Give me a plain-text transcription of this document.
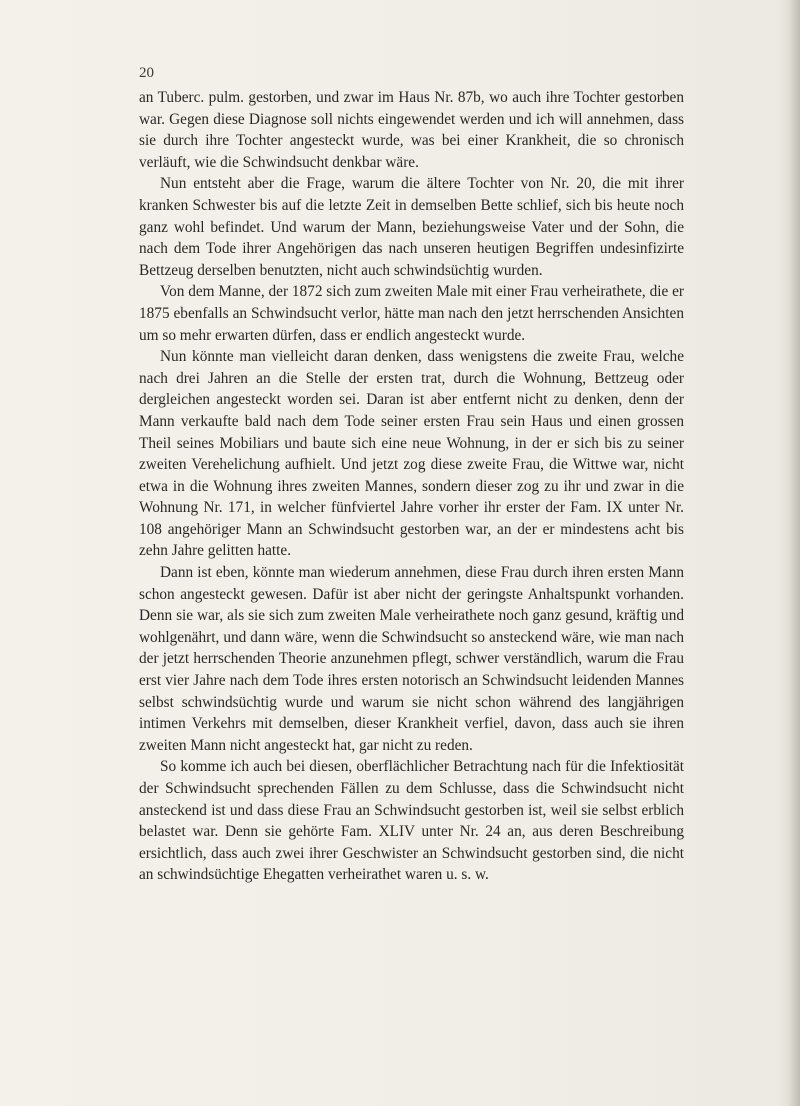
20

an Tuberc. pulm. gestorben, und zwar im Haus Nr. 87b, wo auch ihre Tochter gestorben war. Gegen diese Diagnose soll nichts eingewendet werden und ich will annehmen, dass sie durch ihre Tochter angesteckt wurde, was bei einer Krankheit, die so chronisch verläuft, wie die Schwindsucht denkbar wäre.

Nun entsteht aber die Frage, warum die ältere Tochter von Nr. 20, die mit ihrer kranken Schwester bis auf die letzte Zeit in demselben Bette schlief, sich bis heute noch ganz wohl befindet. Und warum der Mann, beziehungsweise Vater und der Sohn, die nach dem Tode ihrer Angehörigen das nach unseren heutigen Begriffen undesinfizirte Bettzeug derselben benutzten, nicht auch schwindsüchtig wurden.

Von dem Manne, der 1872 sich zum zweiten Male mit einer Frau verheirathete, die er 1875 ebenfalls an Schwindsucht verlor, hätte man nach den jetzt herrschenden Ansichten um so mehr erwarten dürfen, dass er endlich angesteckt wurde.

Nun könnte man vielleicht daran denken, dass wenigstens die zweite Frau, welche nach drei Jahren an die Stelle der ersten trat, durch die Wohnung, Bettzeug oder dergleichen angesteckt worden sei. Daran ist aber entfernt nicht zu denken, denn der Mann verkaufte bald nach dem Tode seiner ersten Frau sein Haus und einen grossen Theil seines Mobiliars und baute sich eine neue Wohnung, in der er sich bis zu seiner zweiten Verehelichung aufhielt. Und jetzt zog diese zweite Frau, die Wittwe war, nicht etwa in die Wohnung ihres zweiten Mannes, sondern dieser zog zu ihr und zwar in die Wohnung Nr. 171, in welcher fünfviertel Jahre vorher ihr erster der Fam. IX unter Nr. 108 angehöriger Mann an Schwindsucht gestorben war, an der er mindestens acht bis zehn Jahre gelitten hatte.

Dann ist eben, könnte man wiederum annehmen, diese Frau durch ihren ersten Mann schon angesteckt gewesen. Dafür ist aber nicht der geringste Anhaltspunkt vorhanden. Denn sie war, als sie sich zum zweiten Male verheirathete noch ganz gesund, kräftig und wohlgenährt, und dann wäre, wenn die Schwindsucht so ansteckend wäre, wie man nach der jetzt herrschenden Theorie anzunehmen pflegt, schwer verständlich, warum die Frau erst vier Jahre nach dem Tode ihres ersten notorisch an Schwindsucht leidenden Mannes selbst schwindsüchtig wurde und warum sie nicht schon während des langjährigen intimen Verkehrs mit demselben, dieser Krankheit verfiel, davon, dass auch sie ihren zweiten Mann nicht angesteckt hat, gar nicht zu reden.

So komme ich auch bei diesen, oberflächlicher Betrachtung nach für die Infektiosität der Schwindsucht sprechenden Fällen zu dem Schlusse, dass die Schwindsucht nicht ansteckend ist und dass diese Frau an Schwindsucht gestorben ist, weil sie selbst erblich belastet war. Denn sie gehörte Fam. XLIV unter Nr. 24 an, aus deren Beschreibung ersichtlich, dass auch zwei ihrer Geschwister an Schwindsucht gestorben sind, die nicht an schwindsüchtige Ehegatten verheirathet waren u. s. w.
